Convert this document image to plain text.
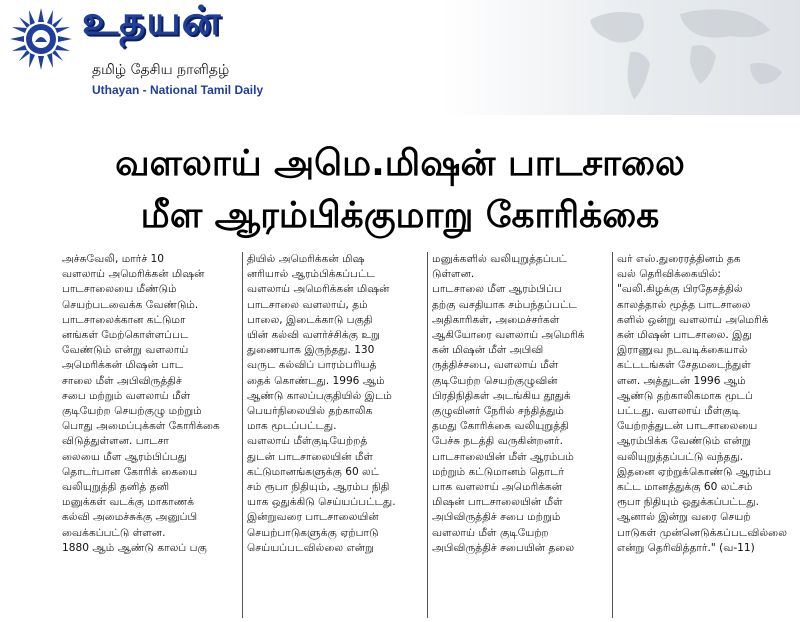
உதயன்
தமிழ் தேசிய நாளிதழ்
Uthayan - National Tamil Daily
வளலாய் அமெ.மிஷன் பாடசாலை
மீள ஆரம்பிக்குமாறு கோரிக்கை
அச்சுவேலி, மார்ச் 10
வளலாய் அமெரிக்கன் மிஷன்
பாடசாலையை மீண்டும்
செயற்படவைக்க வேண்டும்.
பாடசாலைக்கான கட்டுமா
னங்கள் மேற்கொள்ளப்பட
வேண்டும் என்று வளலாய்
அமெரிக்கன் மிஷன் பாட
சாலை மீள் அபிவிருத்திச்
சபை மற்றும் வளலாய் மீள்
குடியேற்ற செயற்குழு மற்றும்
பொது அமைப்புக்கள் கோரிக்கை
விடுத்துள்ளன. பாடசா
லையை மீள ஆரம்பிப்பது
தொடர்பான கோரிக் கையை
வலியுறுத்தி தனித் தனி
மனுக்கள் வடக்கு மாகாணக்
கல்வி அமைச்சுக்கு அனுப்பி
வைக்கப்பட்டு ள்ளன.
1880 ஆம் ஆண்டு காலப் பகு
தியில் அமெரிக்கன் மிஷ
னரியால் ஆரம்பிக்கப்பட்ட
வளலாய் அமெரிக்கன் மிஷன்
பாடசாலை வளலாய், தம்
பாலை, இடைக்காடு பகுதி
யின் கல்வி வளர்ச்சிக்கு உறு
துணையாக இருந்தது. 130
வருட கல்விப் பாரம்பரியத்
தைக் கொண்டது. 1996 ஆம்
ஆண்டு காலப்பகுதியில் இடம்
பெயர்நிலையில் தற்காலிக
மாக மூடப்பட்டது.
வளலாய் மீள்குடியேற்றத்
துடன் பாடசாலையின் மீள்
கட்டுமானங்களுக்கு 60 லட்
சம் ரூபா நிதியும், ஆரம்ப நிதி
யாக ஒதுக்கிடு செய்யப்பட்டது.
இன்றுவரை பாடசாலையின்
செயற்பாடுகளுக்கு ஏற்பாடு
செய்யப்படவில்லை என்று
மனுக்களில் வலியுறுத்தப்பட்
டுள்ளன.
பாடசாலை மீள ஆரம்பிப்ப
தற்கு வசதியாக சம்பந்தப்பட்ட
அதிகாரிகள், அமைச்சர்கள்
ஆகியோரை வளலாய் அமெரிக்
கன் மிஷன் மீள் அபிவி
ருத்திச்சபை, வளலாய் மீள்
குடியேற்ற செயற்குழுவின்
பிரதிநிதிகள் அடங்கிய தூதுக்
குழுவினர் நேரில் சந்தித்தும்
தமது கோரிக்கை வலியுறுத்தி
பேச்சு நடத்தி வருகின்றனர்.
பாடசாலையின் மீள் ஆரம்பம்
மற்றும் கட்டுமானம் தொடர்
பாக வளலாய் அமெரிக்கன்
மிஷன் பாடசாலையின் மீள்
அபிவிருத்திச் சபை மற்றும்
வளலாய் மீள் குடியேற்ற
அபிவிருத்திச் சபையின் தலை
வர் எஸ்.துரைரத்தினம் தக
வல் தெரிவிக்கையில்:
"வலி.கிழக்கு பிரதேசத்தில்
காலத்தால் மூத்த பாடசாலை
களில் ஒன்று வளலாய் அமெரிக்
கன் மிஷன் பாடசாலை. இது
இராணுவ நடவடிக்கையால்
கட்டடங்கள் சேதமடைந்துள்
ளன. அத்துடன் 1996 ஆம்
ஆண்டு தற்காலிகமாக மூடப்
பட்டது. வளலாய் மீள்குடி
யேற்றத்துடன் பாடசாலையை
ஆரம்பிக்க வேண்டும் என்று
வலியுறுத்தப்பட்டு வந்தது.
இதனை ஏற்றுக்கொண்டு ஆரம்ப
கட்ட மானத்துக்கு 60 லட்சம்
ரூபா நிதியும் ஒதுக்கப்பட்டது.
ஆனால் இன்று வரை செயற்
பாடுகள் முன்னெடுக்கப்படவில்லை
என்று தெரிவித்தார்." (வ-11)
